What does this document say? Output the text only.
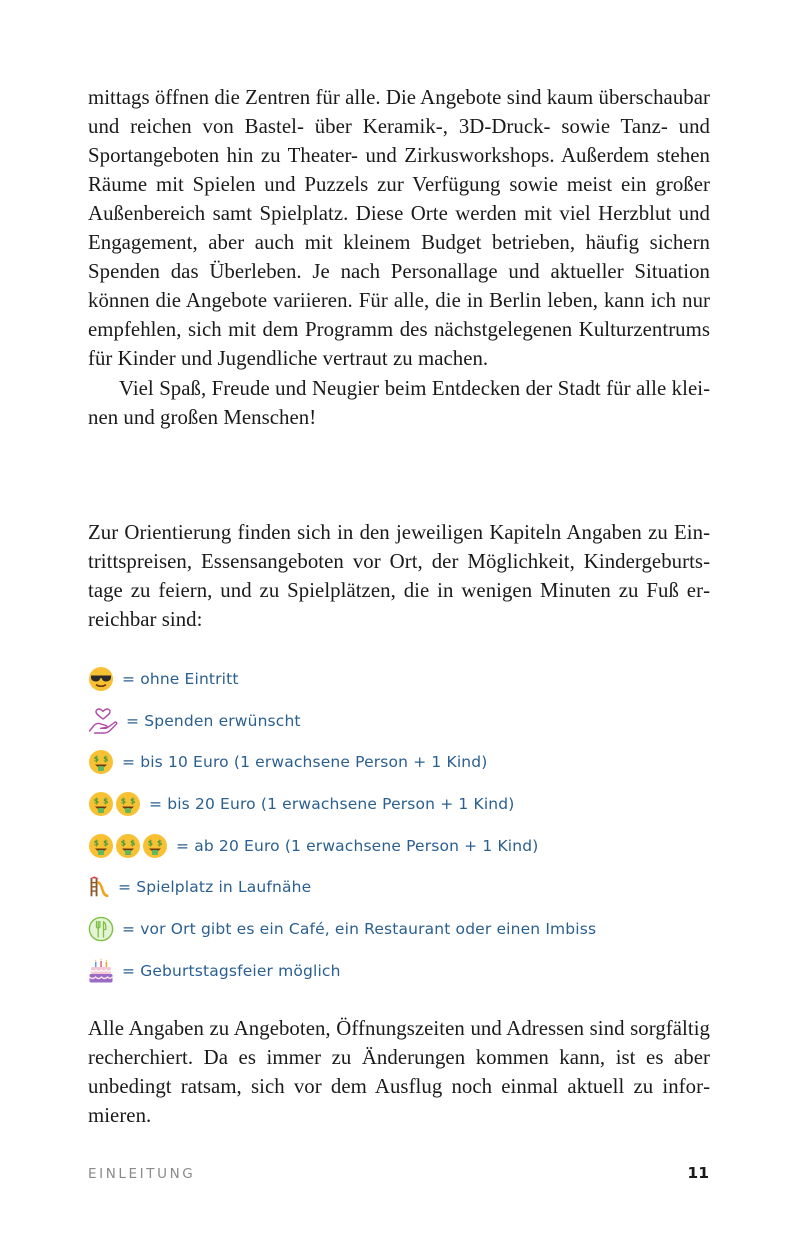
mittags öffnen die Zentren für alle. Die Angebote sind kaum überschaubar und reichen von Bastel- über Keramik-, 3D-Druck- sowie Tanz- und Sportangeboten hin zu Theater- und Zirkusworkshops. Außerdem stehen Räume mit Spielen und Puzzels zur Verfügung sowie meist ein großer Außenbereich samt Spielplatz. Diese Orte werden mit viel Herzblut und Engagement, aber auch mit kleinem Budget betrieben, häufig sichern Spenden das Überleben. Je nach Personallage und aktueller Situation können die Angebote variieren. Für alle, die in Berlin leben, kann ich nur empfehlen, sich mit dem Programm des nächstgelegenen Kulturzentrums für Kinder und Jugendliche vertraut zu machen.

Viel Spaß, Freude und Neugier beim Entdecken der Stadt für alle kleinen und großen Menschen!

Zur Orientierung finden sich in den jeweiligen Kapiteln Angaben zu Eintrittspreisen, Essensangeboten vor Ort, der Möglichkeit, Kindergeburtstage zu feiern, und zu Spielplätzen, die in wenigen Minuten zu Fuß erreichbar sind:

= ohne Eintritt
= Spenden erwünscht
$ $ = bis 10 Euro (1 erwachsene Person + 1 Kind)
$ $ $ $ = bis 20 Euro (1 erwachsene Person + 1 Kind)
$ $ $ $ $ $ = ab 20 Euro (1 erwachsene Person + 1 Kind)
= Spielplatz in Laufnähe
= vor Ort gibt es ein Café, ein Restaurant oder einen Imbiss
= Geburtstagsfeier möglich

Alle Angaben zu Angeboten, Öffnungszeiten und Adressen sind sorgfältig recherchiert. Da es immer zu Änderungen kommen kann, ist es aber unbedingt ratsam, sich vor dem Ausflug noch einmal aktuell zu informieren.

EINLEITUNG	11
